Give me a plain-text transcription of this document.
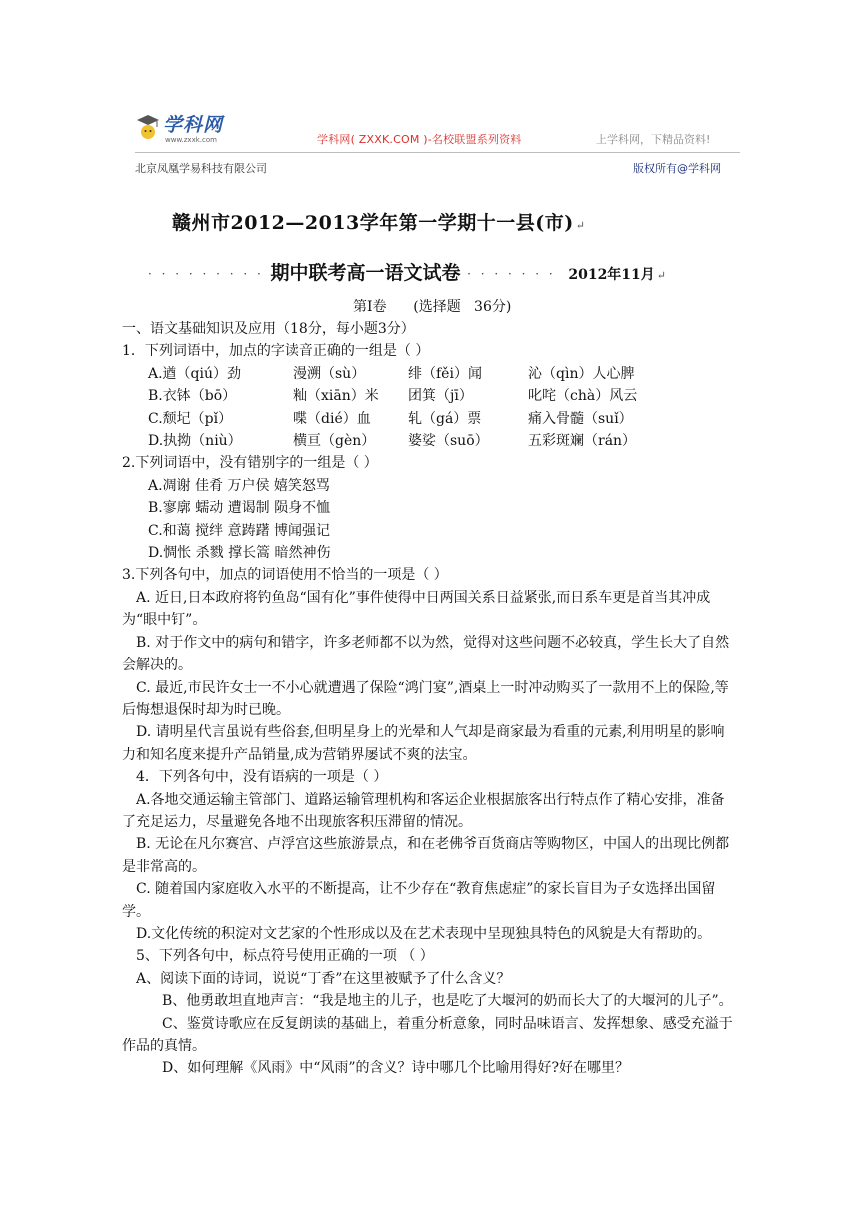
学科网
www.zxxk.com	学科网( ZXXK.COM )-名校联盟系列资料	上学科网，下精品资料!
北京凤凰学易科技有限公司	版权所有@学科网
赣州市2012—2013学年第一学期十一县(市) ↵
· · · · · · · · · 期中联考高一语文试卷 · · · · · · · 2012年11月 ↵
第Ⅰ卷      (选择题   36分)

一、语文基础知识及应用（18分，每小题3分）

1．下列词语中，加点的字读音正确的一组是（ ）

A.遒（qiú）劲	漫溯（sù）	绯（fěi）闻	沁（qìn）人心脾

B.衣钵（bō）	籼（xiān）米 团箕（jī）	叱咤（chà）风云

C.颓圮（pǐ）	喋（dié）血	轧（gá）票	痛入骨髓（suǐ）

D.执拗（niù）	横亘（gèn） 婆娑（suō）	五彩斑斓（rán）

2.下列词语中，没有错别字的一组是（ ）

A.凋谢 佳肴 万户侯 嬉笑怒骂

B.寥廓 蠕动 遭谒制 陨身不恤

C.和蔼 搅绊 意踌躇 博闻强记

D.惆怅 杀戮 撑长篙 暗然神伤

3.下列各句中，加点的词语使用不恰当的一项是（ ）

A. 近日,日本政府将钓鱼岛“国有化”事件使得中日两国关系日益紧张,而日系车更是首当其冲成为“眼中钉”。

B. 对于作文中的病句和错字，许多老师都不以为然，觉得对这些问题不必较真，学生长大了自然会解决的。

C. 最近,市民许女士一不小心就遭遇了保险“鸿门宴”,酒桌上一时冲动购买了一款用不上的保险,等后悔想退保时却为时已晚。

D. 请明星代言虽说有些俗套,但明星身上的光晕和人气却是商家最为看重的元素,利用明星的影响力和知名度来提升产品销量,成为营销界屡试不爽的法宝。

4．下列各句中，没有语病的一项是（ ）

A.各地交通运输主管部门、道路运输管理机构和客运企业根据旅客出行特点作了精心安排，准备了充足运力，尽量避免各地不出现旅客积压滞留的情况。

B. 无论在凡尔赛宫、卢浮宫这些旅游景点，和在老佛爷百货商店等购物区，中国人的出现比例都是非常高的。

C. 随着国内家庭收入水平的不断提高，让不少存在“教育焦虑症”的家长盲目为子女选择出国留学。

D.文化传统的积淀对文艺家的个性形成以及在艺术表现中呈现独具特色的风貌是大有帮助的。

5、下列各句中，标点符号使用正确的一项 （ ）

A、阅读下面的诗词，说说“丁香”在这里被赋予了什么含义？

B、他勇敢坦直地声言：“我是地主的儿子，也是吃了大堰河的奶而长大了的大堰河的儿子”。

C、鉴赏诗歌应在反复朗读的基础上，着重分析意象，同时品味语言、发挥想象、感受充溢于作品的真情。

D、如何理解《风雨》中“风雨”的含义？诗中哪几个比喻用得好?好在哪里？
